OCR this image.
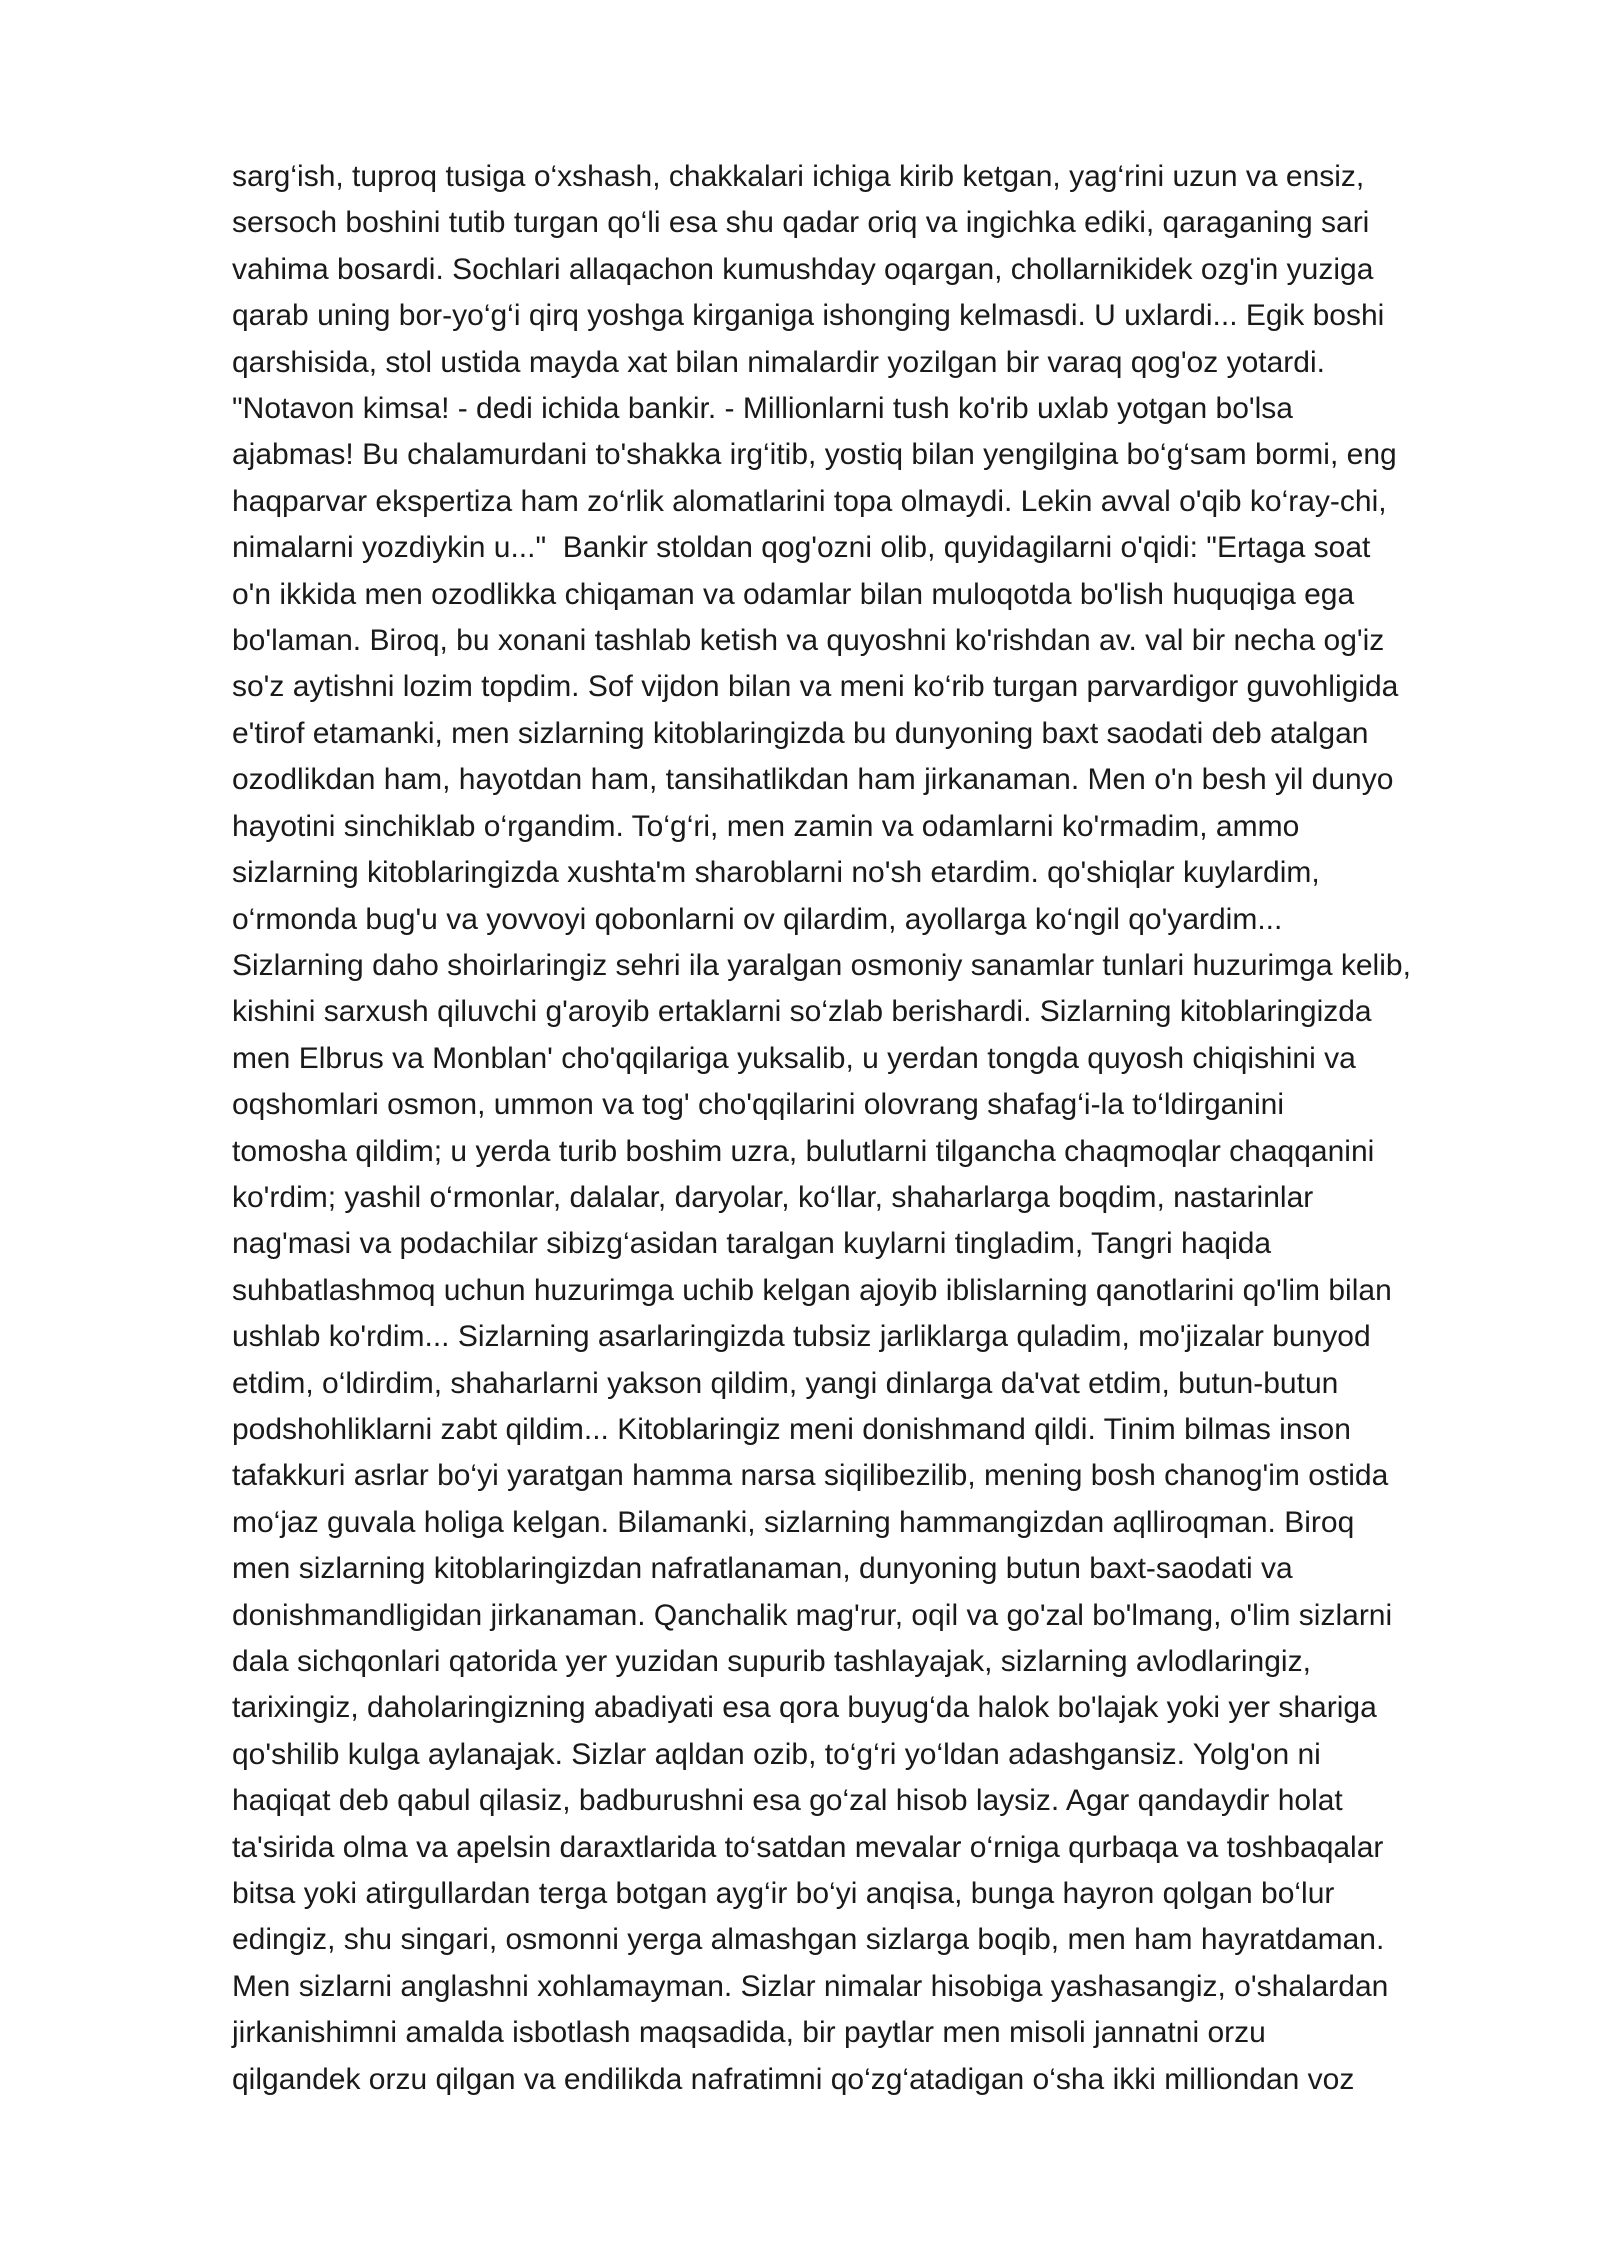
sarg‘ish, tuproq tusiga o‘xshash, chakkalari ichiga kirib ketgan, yag‘rini uzun va ensiz,
sersoch boshini tutib turgan qo‘li esa shu qadar oriq va ingichka ediki, qaraganing sari
vahima bosardi. Sochlari allaqachon kumushday oqargan, chollarnikidek ozg'in yuziga
qarab uning bor-yo‘g‘i qirq yoshga kirganiga ishonging kelmasdi. U uxlardi... Egik boshi
qarshisida, stol ustida mayda xat bilan nimalardir yozilgan bir varaq qog'oz yotardi.
"Notavon kimsa! - dedi ichida bankir. - Millionlarni tush ko'rib uxlab yotgan bo'lsa
ajabmas! Bu chalamurdani to'shakka irg‘itib, yostiq bilan yengilgina bo‘g‘sam bormi, eng
haqparvar ekspertiza ham zo‘rlik alomatlarini topa olmaydi. Lekin avval o'qib ko‘ray-chi,
nimalarni yozdiykin u..."  Bankir stoldan qog'ozni olib, quyidagilarni o'qidi: "Ertaga soat
o'n ikkida men ozodlikka chiqaman va odamlar bilan muloqotda bo'lish huquqiga ega
bo'laman. Biroq, bu xonani tashlab ketish va quyoshni ko'rishdan av. val bir necha og'iz
so'z aytishni lozim topdim. Sof vijdon bilan va meni ko‘rib turgan parvardigor guvohligida
e'tirof etamanki, men sizlarning kitoblaringizda bu dunyoning baxt saodati deb atalgan
ozodlikdan ham, hayotdan ham, tansihatlikdan ham jirkanaman. Men o'n besh yil dunyo
hayotini sinchiklab o‘rgandim. To‘g‘ri, men zamin va odamlarni ko'rmadim, ammo
sizlarning kitoblaringizda xushta'm sharoblarni no'sh etardim. qo'shiqlar kuylardim,
o‘rmonda bug'u va yovvoyi qobonlarni ov qilardim, ayollarga ko‘ngil qo'yardim...
Sizlarning daho shoirlaringiz sehri ila yaralgan osmoniy sanamlar tunlari huzurimga kelib,
kishini sarxush qiluvchi g'aroyib ertaklarni so‘zlab berishardi. Sizlarning kitoblaringizda
men Elbrus va Monblan' cho'qqilariga yuksalib, u yerdan tongda quyosh chiqishini va
oqshomlari osmon, ummon va tog' cho'qqilarini olovrang shafag‘i-la to‘ldirganini
tomosha qildim; u yerda turib boshim uzra, bulutlarni tilgancha chaqmoqlar chaqqanini
ko'rdim; yashil o‘rmonlar, dalalar, daryolar, ko‘llar, shaharlarga boqdim, nastarinlar
nag'masi va podachilar sibizg‘asidan taralgan kuylarni tingladim, Tangri haqida
suhbatlashmoq uchun huzurimga uchib kelgan ajoyib iblislarning qanotlarini qo'lim bilan
ushlab ko'rdim... Sizlarning asarlaringizda tubsiz jarliklarga quladim, mo'jizalar bunyod
etdim, o‘ldirdim, shaharlarni yakson qildim, yangi dinlarga da'vat etdim, butun-butun
podshohliklarni zabt qildim... Kitoblaringiz meni donishmand qildi. Tinim bilmas inson
tafakkuri asrlar bo‘yi yaratgan hamma narsa siqilibezilib, mening bosh chanog'im ostida
mo‘jaz guvala holiga kelgan. Bilamanki, sizlarning hammangizdan aqlliroqman. Biroq
men sizlarning kitoblaringizdan nafratlanaman, dunyoning butun baxt-saodati va
donishmandligidan jirkanaman. Qanchalik mag'rur, oqil va go'zal bo'lmang, o'lim sizlarni
dala sichqonlari qatorida yer yuzidan supurib tashlayajak, sizlarning avlodlaringiz,
tarixingiz, daholaringizning abadiyati esa qora buyug‘da halok bo'lajak yoki yer shariga
qo'shilib kulga aylanajak. Sizlar aqldan ozib, to‘g‘ri yo‘ldan adashgansiz. Yolg'on ni
haqiqat deb qabul qilasiz, badburushni esa go‘zal hisob laysiz. Agar qandaydir holat
ta'sirida olma va apelsin daraxtlarida to‘satdan mevalar o‘rniga qurbaqa va toshbaqalar
bitsa yoki atirgullardan terga botgan ayg‘ir bo‘yi anqisa, bunga hayron qolgan bo‘lur
edingiz, shu singari, osmonni yerga almashgan sizlarga boqib, men ham hayratdaman.
Men sizlarni anglashni xohlamayman. Sizlar nimalar hisobiga yashasangiz, o'shalardan
jirkanishimni amalda isbotlash maqsadida, bir paytlar men misoli jannatni orzu
qilgandek orzu qilgan va endilikda nafratimni qo‘zg‘atadigan o‘sha ikki milliondan voz
